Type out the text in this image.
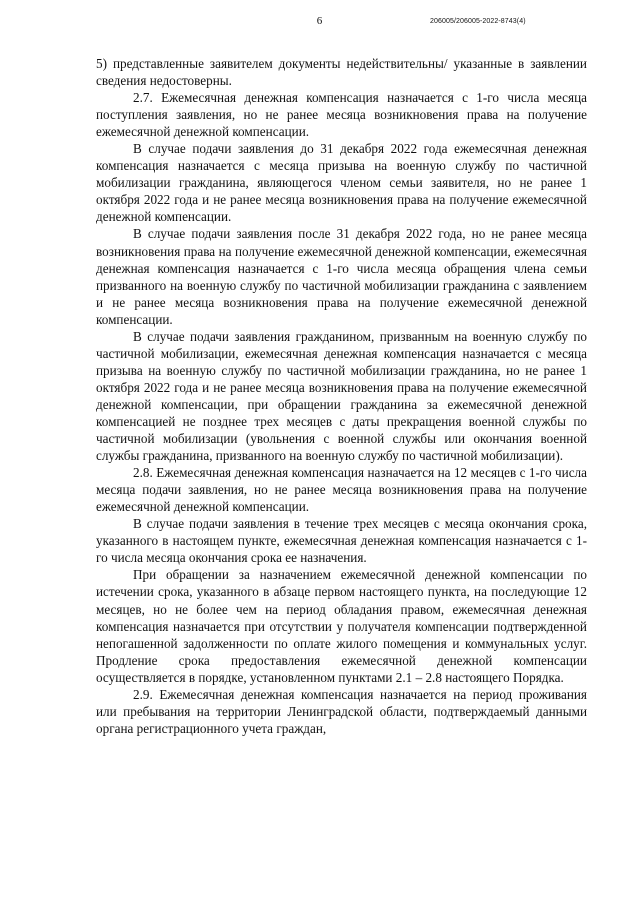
6	206005/206005-2022-8743(4)

5) представленные заявителем документы недействительны/ указанные в заявлении сведения недостоверны.

2.7. Ежемесячная денежная компенсация назначается с 1-го числа месяца поступления заявления, но не ранее месяца возникновения права на получение ежемесячной денежной компенсации.

В случае подачи заявления до 31 декабря 2022 года ежемесячная денежная компенсация назначается с месяца призыва на военную службу по частичной мобилизации гражданина, являющегося членом семьи заявителя, но не ранее 1 октября 2022 года и не ранее месяца возникновения права на получение ежемесячной денежной компенсации.

В случае подачи заявления после 31 декабря 2022 года, но не ранее месяца возникновения права на получение ежемесячной денежной компенсации, ежемесячная денежная компенсация назначается с 1-го числа месяца обращения члена семьи призванного на военную службу по частичной мобилизации гражданина с заявлением и не ранее месяца возникновения права на получение ежемесячной денежной компенсации.

В случае подачи заявления гражданином, призванным на военную службу по частичной мобилизации, ежемесячная денежная компенсация назначается с месяца призыва на военную службу по частичной мобилизации гражданина, но не ранее 1 октября 2022 года и не ранее месяца возникновения права на получение ежемесячной денежной компенсации, при обращении гражданина за ежемесячной денежной компенсацией не позднее трех месяцев с даты прекращения военной службы по частичной мобилизации (увольнения с военной службы или окончания военной службы гражданина, призванного на военную службу по частичной мобилизации).

2.8. Ежемесячная денежная компенсация назначается на 12 месяцев с 1-го числа месяца подачи заявления, но не ранее месяца возникновения права на получение ежемесячной денежной компенсации.

В случае подачи заявления в течение трех месяцев с месяца окончания срока, указанного в настоящем пункте, ежемесячная денежная компенсация назначается с 1-го числа месяца окончания срока ее назначения.

При обращении за назначением ежемесячной денежной компенсации по истечении срока, указанного в абзаце первом настоящего пункта, на последующие 12 месяцев, но не более чем на период обладания правом, ежемесячная денежная компенсация назначается при отсутствии у получателя компенсации подтвержденной непогашенной задолженности по оплате жилого помещения и коммунальных услуг. Продление срока предоставления ежемесячной денежной компенсации осуществляется в порядке, установленном пунктами 2.1 – 2.8 настоящего Порядка.

2.9. Ежемесячная денежная компенсация назначается на период проживания или пребывания на территории Ленинградской области, подтверждаемый данными органа регистрационного учета граждан,
